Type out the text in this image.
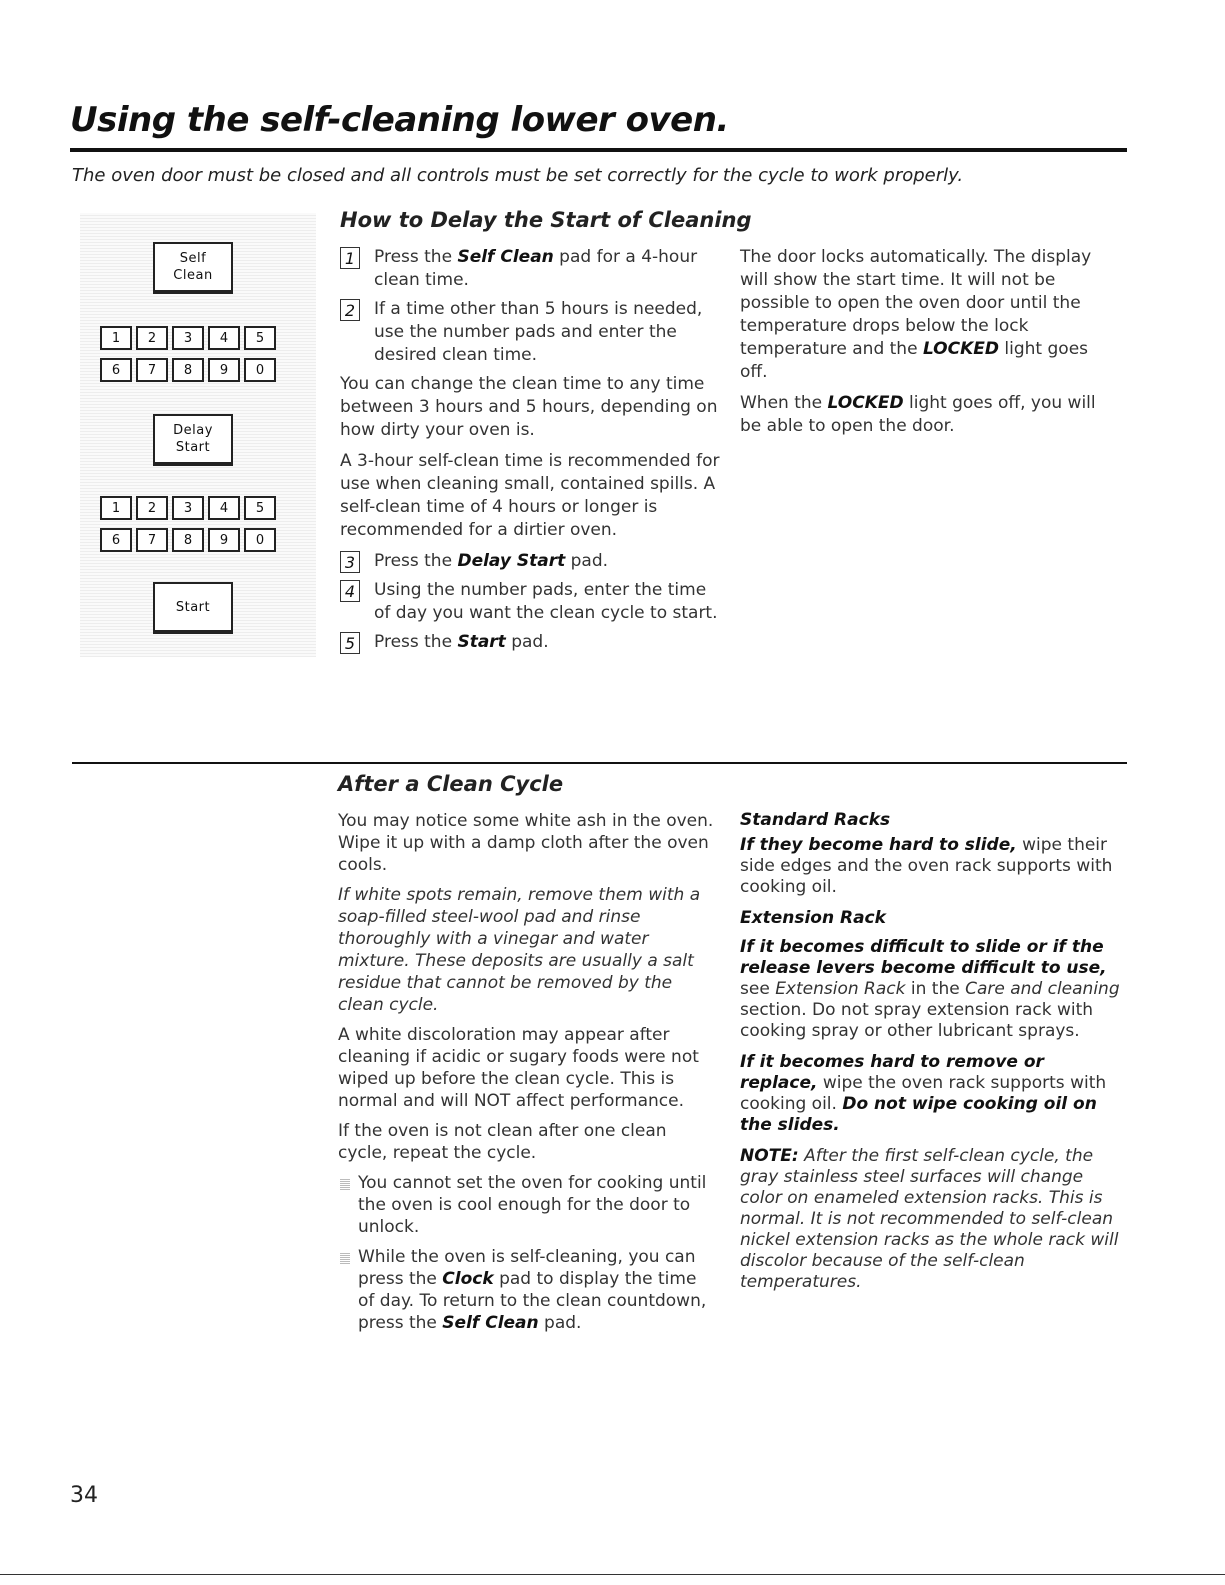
Using the self-cleaning lower oven.
The oven door must be closed and all controls must be set correctly for the cycle to work properly.
Self
Clean
1	2	3	4	5
6	7	8	9	0
Delay
Start
1	2	3	4	5
6	7	8	9	0
Start
How to Delay the Start of Cleaning
1 Press the Self Clean pad for a 4-hour clean time.
2 If a time other than 5 hours is needed, use the number pads and enter the desired clean time.

You can change the clean time to any time between 3 hours and 5 hours, depending on how dirty your oven is.

A 3-hour self-clean time is recommended for use when cleaning small, contained spills. A self-clean time of 4 hours or longer is recommended for a dirtier oven.

3 Press the Delay Start pad.
4 Using the number pads, enter the time of day you want the clean cycle to start.
5 Press the Start pad.

The door locks automatically. The display will show the start time. It will not be possible to open the oven door until the temperature drops below the lock temperature and the LOCKED light goes off.

When the LOCKED light goes off, you will be able to open the door.

After a Clean Cycle

You may notice some white ash in the oven. Wipe it up with a damp cloth after the oven cools.

If white spots remain, remove them with a soap-filled steel-wool pad and rinse thoroughly with a vinegar and water mixture. These deposits are usually a salt residue that cannot be removed by the clean cycle.

A white discoloration may appear after cleaning if acidic or sugary foods were not wiped up before the clean cycle. This is normal and will NOT affect performance.

If the oven is not clean after one clean cycle, repeat the cycle.

You cannot set the oven for cooking until the oven is cool enough for the door to unlock.
While the oven is self-cleaning, you can press the Clock pad to display the time of day. To return to the clean countdown, press the Self Clean pad.
Standard Racks

If they become hard to slide, wipe their side edges and the oven rack supports with cooking oil.

Extension Rack

If it becomes difficult to slide or if the release levers become difficult to use, see Extension Rack in the Care and cleaning section. Do not spray extension rack with cooking spray or other lubricant sprays.

If it becomes hard to remove or replace, wipe the oven rack supports with cooking oil. Do not wipe cooking oil on the slides.

NOTE: After the first self-clean cycle, the gray stainless steel surfaces will change color on enameled extension racks. This is normal. It is not recommended to self-clean nickel extension racks as the whole rack will discolor because of the self-clean temperatures.

34
